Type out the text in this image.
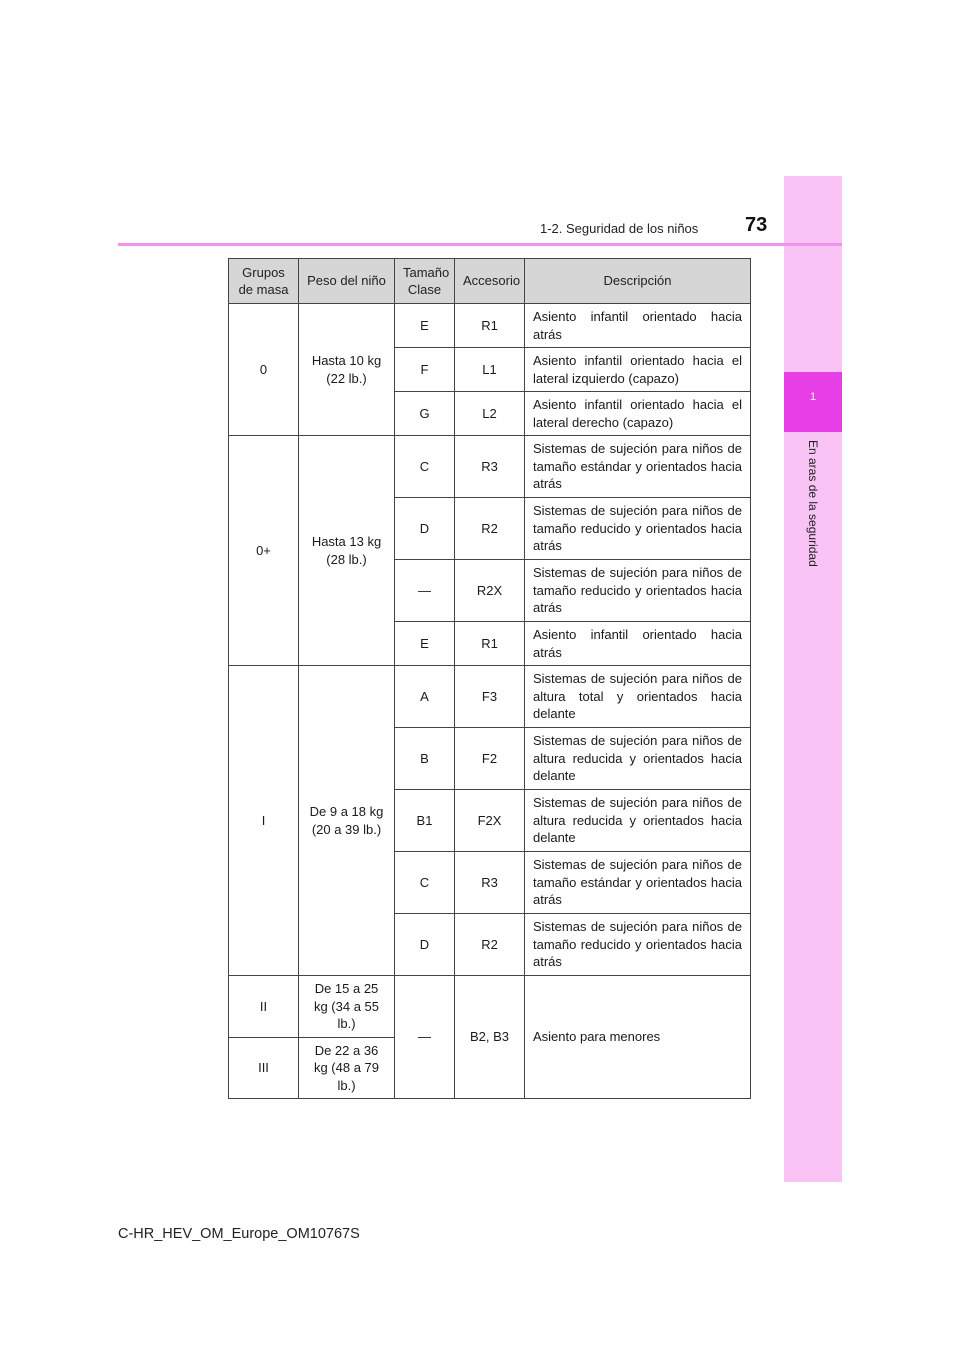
1
En aras de la seguridad
1-2. Seguridad de los niños 73
Grupos de masa	Peso del niño	Tamaño Clase	Accesorio	Descripción
0	Hasta 10 kg (22 lb.)	E	R1	Asiento infantil orientado hacia atrás
		F	L1	Asiento infantil orientado hacia el lateral izquierdo (capazo)
		G	L2	Asiento infantil orientado hacia el lateral derecho (capazo)
0+	Hasta 13 kg (28 lb.)	C	R3	Sistemas de sujeción para niños de tamaño estándar y orientados hacia atrás
		D	R2	Sistemas de sujeción para niños de tamaño reducido y orientados hacia atrás
		—	R2X	Sistemas de sujeción para niños de tamaño reducido y orientados hacia atrás
		E	R1	Asiento infantil orientado hacia atrás
I	De 9 a 18 kg (20 a 39 lb.)	A	F3	Sistemas de sujeción para niños de altura total y orientados hacia delante
		B	F2	Sistemas de sujeción para niños de altura reducida y orientados hacia delante
		B1	F2X	Sistemas de sujeción para niños de altura reducida y orientados hacia delante
		C	R3	Sistemas de sujeción para niños de tamaño estándar y orientados hacia atrás
		D	R2	Sistemas de sujeción para niños de tamaño reducido y orientados hacia atrás
II	De 15 a 25 kg (34 a 55 lb.)	—	B2, B3	Asiento para menores
III	De 22 a 36 kg (48 a 79 lb.)			
C-HR_HEV_OM_Europe_OM10767S
